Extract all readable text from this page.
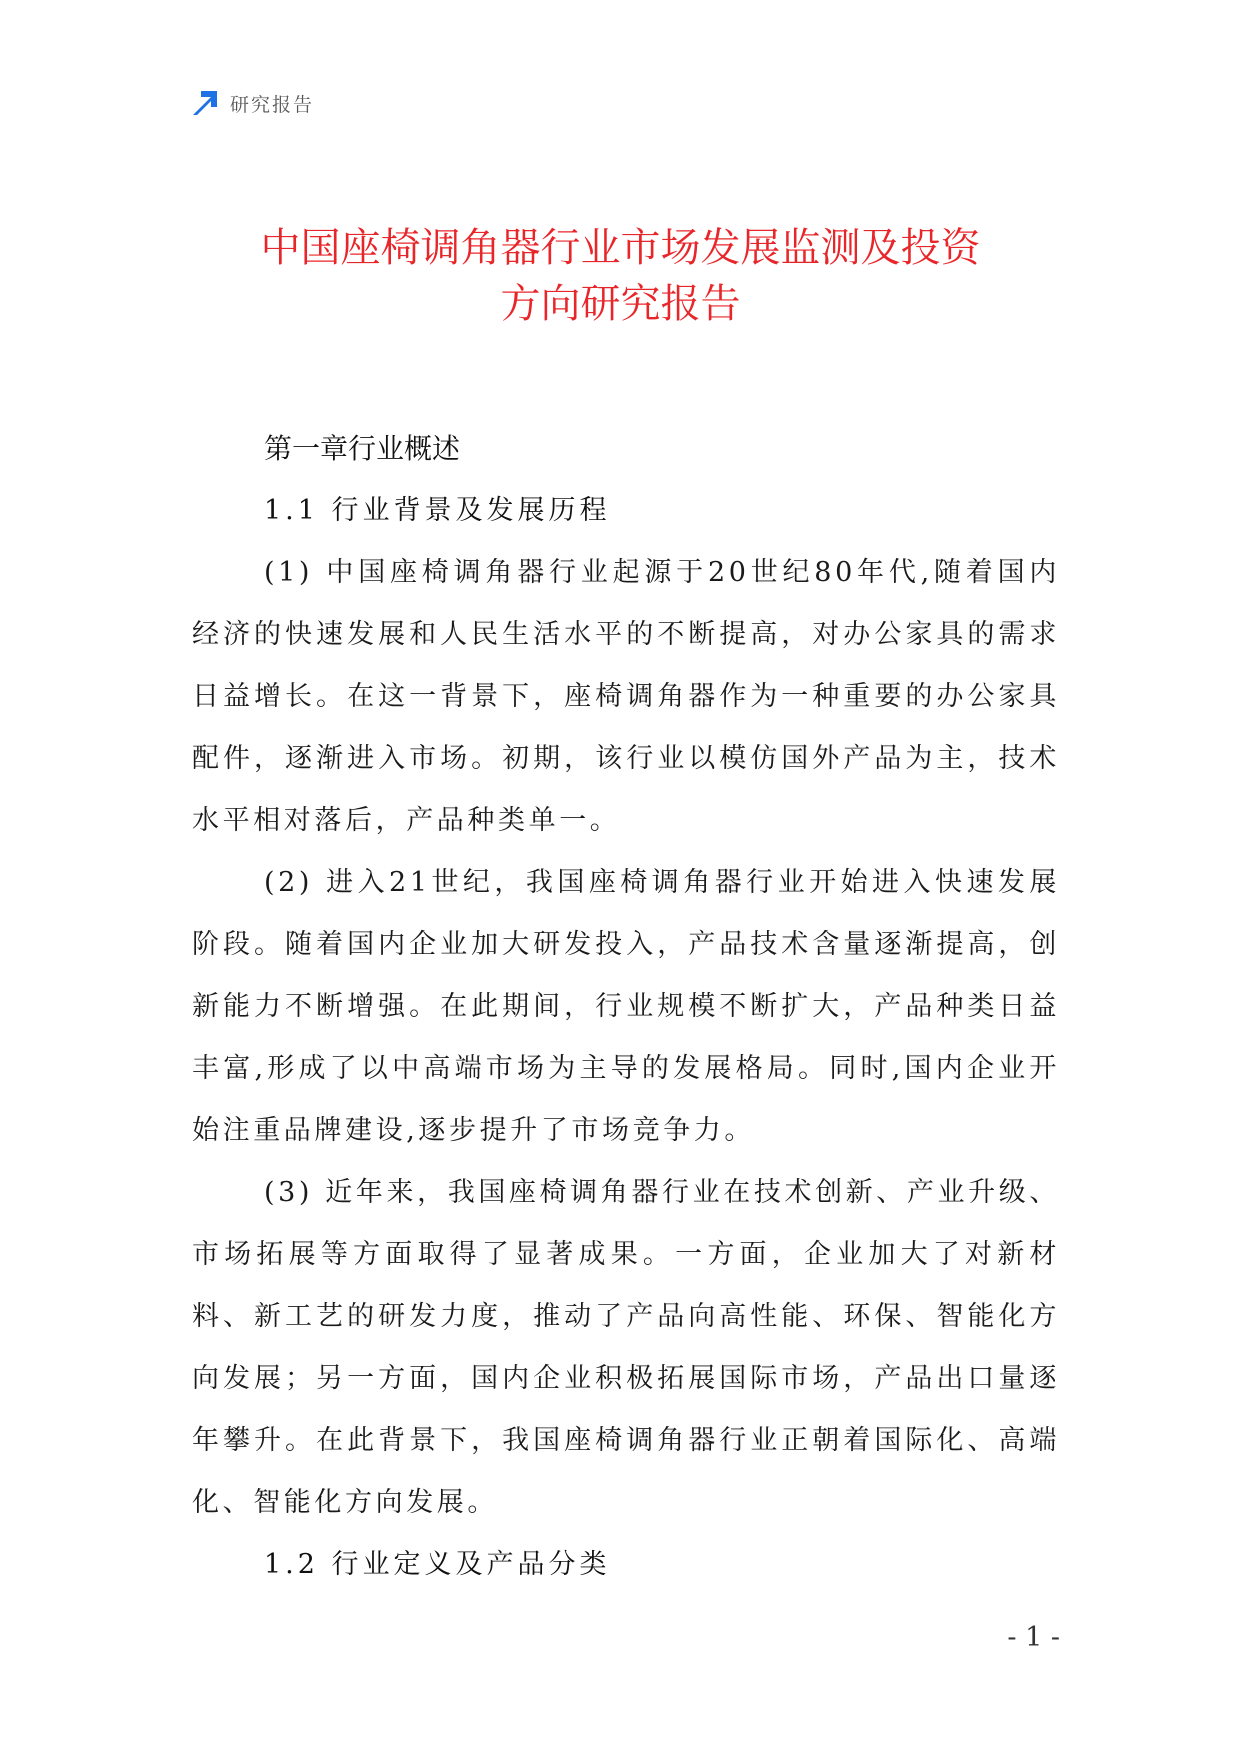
研究报告
中国座椅调角器行业市场发展监测及投资
方向研究报告
第一章行业概述
1.1 行业背景及发展历程

(1) 中国座椅调角器行业起源于20世纪80年代,随着国内经济的快速发展和人民生活水平的不断提高，对办公家具的需求日益增长。在这一背景下，座椅调角器作为一种重要的办公家具配件，逐渐进入市场。初期，该行业以模仿国外产品为主，技术水平相对落后，产品种类单一。

(2) 进入21世纪，我国座椅调角器行业开始进入快速发展阶段。随着国内企业加大研发投入，产品技术含量逐渐提高，创新能力不断增强。在此期间，行业规模不断扩大，产品种类日益丰富,形成了以中高端市场为主导的发展格局。同时,国内企业开始注重品牌建设,逐步提升了市场竞争力。

(3) 近年来，我国座椅调角器行业在技术创新、产业升级、市场拓展等方面取得了显著成果。一方面，企业加大了对新材料、新工艺的研发力度，推动了产品向高性能、环保、智能化方向发展；另一方面，国内企业积极拓展国际市场，产品出口量逐年攀升。在此背景下，我国座椅调角器行业正朝着国际化、高端化、智能化方向发展。

1.2 行业定义及产品分类
- 1 -
